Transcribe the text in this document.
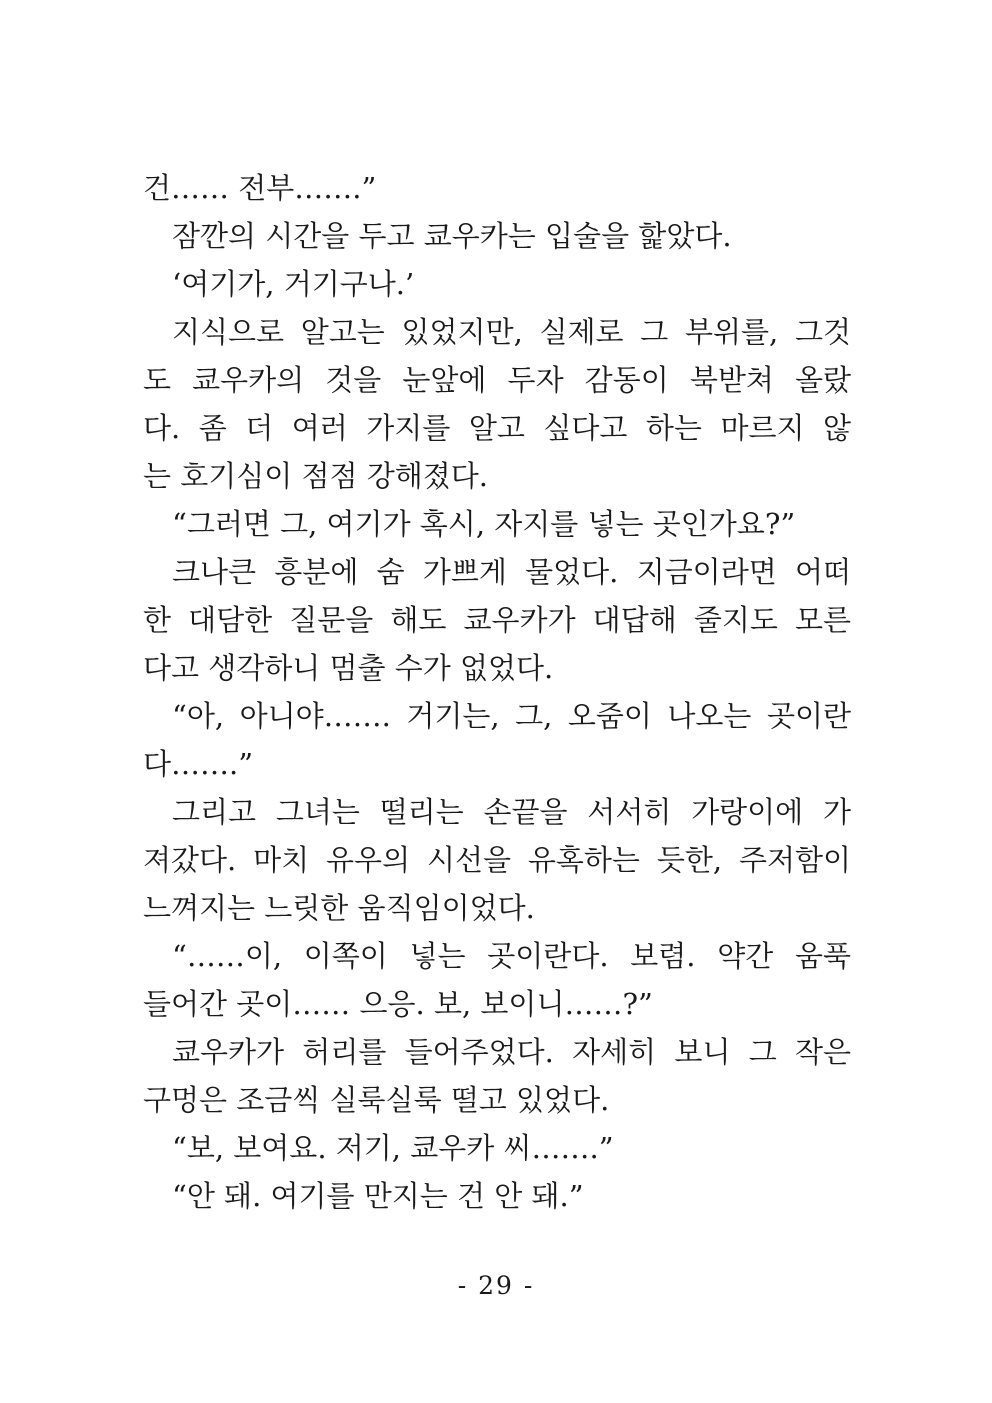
건…… 전부…….”
잠깐의 시간을 두고 쿄우카는 입술을 핥았다.
‘여기가, 거기구나.’
지식으로 알고는 있었지만, 실제로 그 부위를, 그것
도 쿄우카의 것을 눈앞에 두자 감동이 북받쳐 올랐
다. 좀 더 여러 가지를 알고 싶다고 하는 마르지 않
는 호기심이 점점 강해졌다.
“그러면 그, 여기가 혹시, 자지를 넣는 곳인가요?”
크나큰 흥분에 숨 가쁘게 물었다. 지금이라면 어떠
한 대담한 질문을 해도 쿄우카가 대답해 줄지도 모른
다고 생각하니 멈출 수가 없었다.
“아, 아니야……. 거기는, 그, 오줌이 나오는 곳이란
다…….”
그리고 그녀는 떨리는 손끝을 서서히 가랑이에 가
져갔다. 마치 유우의 시선을 유혹하는 듯한, 주저함이
느껴지는 느릿한 움직임이었다.
“……이, 이쪽이 넣는 곳이란다. 보렴. 약간 움푹
들어간 곳이…… 으응. 보, 보이니……?”
쿄우카가 허리를 들어주었다. 자세히 보니 그 작은
구멍은 조금씩 실룩실룩 떨고 있었다.
“보, 보여요. 저기, 쿄우카 씨…….”
“안 돼. 여기를 만지는 건 안 돼.”
- 29 -
